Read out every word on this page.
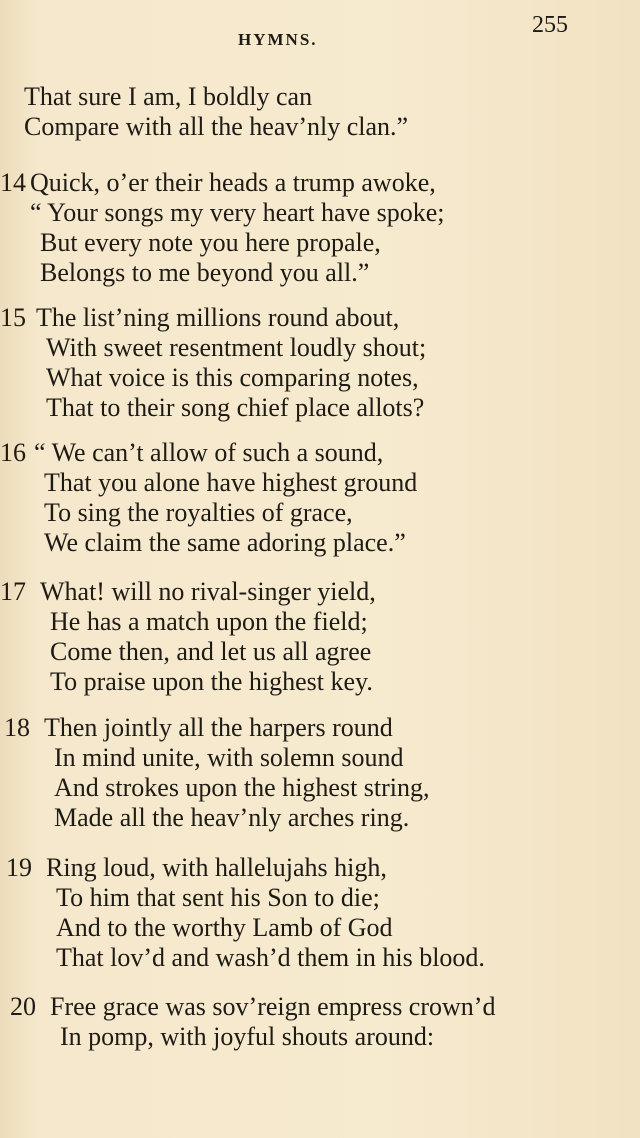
HYMNS.
255
That sure I am, I boldly can
Compare with all the heav’nly clan.”
14 Quick, o’er their heads a trump awoke,
“ Your songs my very heart have spoke;
But every note you here propale,
Belongs to me beyond you all.”
15 The list’ning millions round about,
With sweet resentment loudly shout;
What voice is this comparing notes,
That to their song chief place allots?
16 “ We can’t allow of such a sound,
That you alone have highest ground
To sing the royalties of grace,
We claim the same adoring place.”
17 What! will no rival-singer yield,
He has a match upon the field;
Come then, and let us all agree
To praise upon the highest key.
18 Then jointly all the harpers round
In mind unite, with solemn sound
And strokes upon the highest string,
Made all the heav’nly arches ring.
19 Ring loud, with hallelujahs high,
To him that sent his Son to die;
And to the worthy Lamb of God
That lov’d and wash’d them in his blood.
20 Free grace was sov’reign empress crown’d
In pomp, with joyful shouts around:
